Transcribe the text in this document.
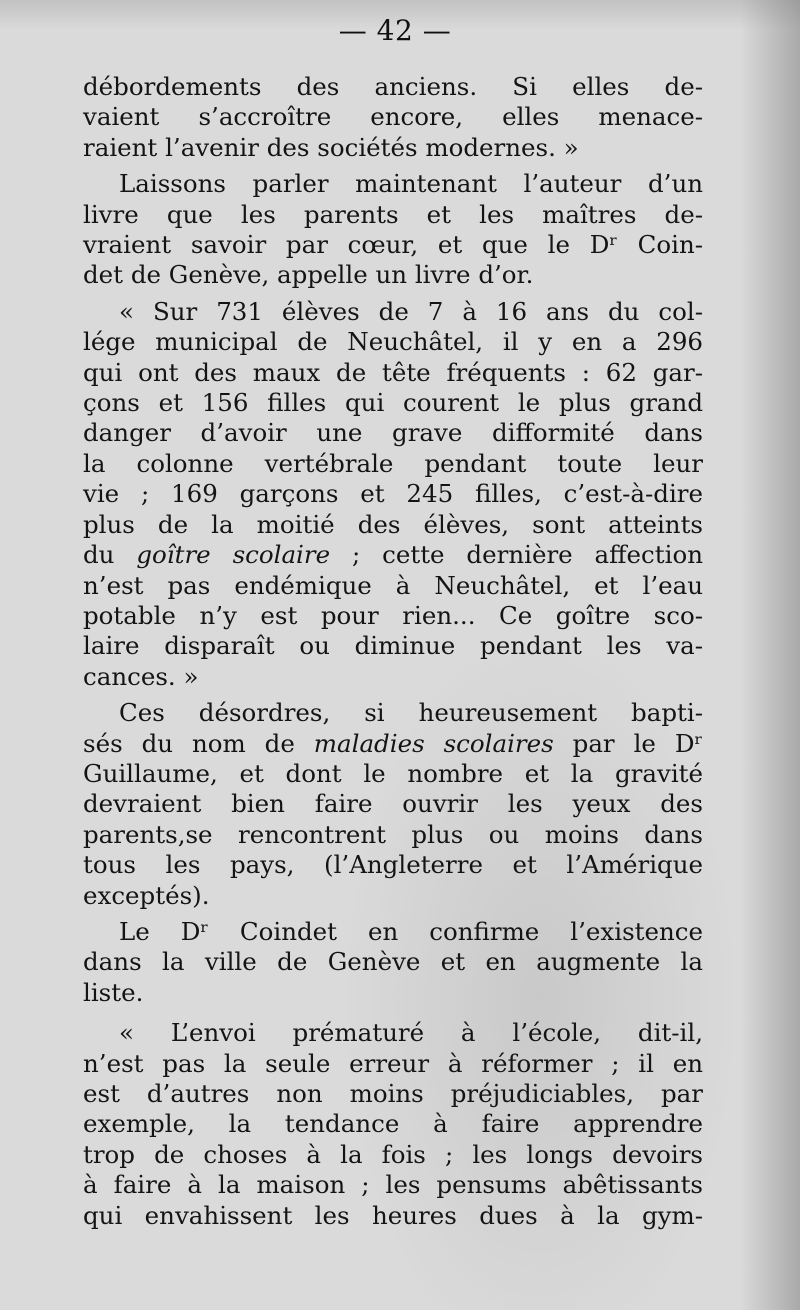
— 42 —
débordements des anciens. Si elles de-
vaient s’accroître encore, elles menace-
raient l’avenir des sociétés modernes. »
Laissons parler maintenant l’auteur d’un
livre que les parents et les maîtres de-
vraient savoir par cœur, et que le Dʳ Coin-
det de Genève, appelle un livre d’or.
« Sur 731 élèves de 7 à 16 ans du col-
lége municipal de Neuchâtel, il y en a 296
qui ont des maux de tête fréquents : 62 gar-
çons et 156 filles qui courent le plus grand
danger d’avoir une grave difformité dans
la colonne vertébrale pendant toute leur
vie ; 169 garçons et 245 filles, c’est-à-dire
plus de la moitié des élèves, sont atteints
du goître scolaire ; cette dernière affection
n’est pas endémique à Neuchâtel, et l’eau
potable n’y est pour rien... Ce goître sco-
laire disparaît ou diminue pendant les va-
cances. »
Ces désordres, si heureusement bapti-
sés du nom de maladies scolaires par le Dʳ
Guillaume, et dont le nombre et la gravité
devraient bien faire ouvrir les yeux des
parents,se rencontrent plus ou moins dans
tous les pays, (l’Angleterre et l’Amérique
exceptés).
Le Dʳ Coindet en confirme l’existence
dans la ville de Genève et en augmente la
liste.
« L’envoi prématuré à l’école, dit-il,
n’est pas la seule erreur à réformer ; il en
est d’autres non moins préjudiciables, par
exemple, la tendance à faire apprendre
trop de choses à la fois ; les longs devoirs
à faire à la maison ; les pensums abêtissants
qui envahissent les heures dues à la gym-
